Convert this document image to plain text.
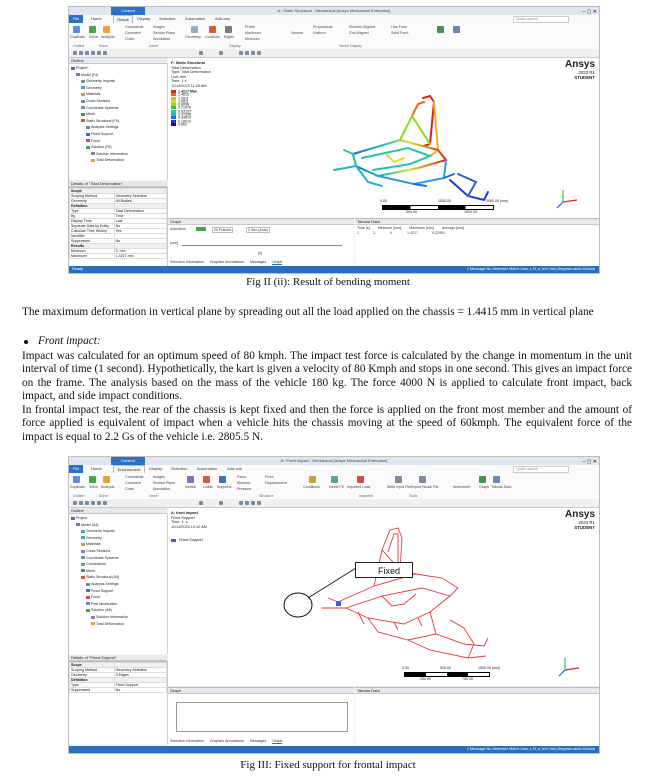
Context	A : Static Structural - Mechanical [Ansys Mechanical Enterprise]	– ▢ ✕
File	Home	Result	Display Selection Automation Add-ons	Quick Launch
Duplicate Solve Analysis
Commands	Images
Comment	Section Plane
Chart	Annotation	Geometry Contours Edges
Probe
Maximum
Minimum
Vectors
Proportional
Uniform
Element Aligned
Grid Aligned
Line Form
Solid Form
Outline	Solve	Insert	Display	Vector Display
Outline
Project*
Model (F4)
Geometry Imports
Geometry
Materials
Cross Sections
Coordinate Systems
Mesh
Static Structural (F5)
Analysis Settings
Fixed Support
Force
Solution (F6)
Solution Information
Total Deformation
Details of "Total Deformation"
Scope	
Scoping Method	Geometry Selection
Geometry	All Bodies
Definition	
Type	Total Deformation
By	Time
Display Time	Last
Separate Data by Entity	No
Calculate Time History	Yes
Identifier	
Suppressed	No
Results	
Minimum	0. mm
Maximum	1.4217 mm
F: Static Structural
Total Deformation
Type: Total Deformation
Unit: mm
Time: 1 s
11/14/2023 11:25 AM
1.4217 Max
1.4615
1.0811
1.0811
0.8096
0.71076
0.63157
0.47396
0.34819
0.18019
0 Min
Ansys
2023 R1
STUDENT
0.00	1000.00	2000.00 (mm)
500.00	1500.00
Graph
Animation	20 Frames	2 Sec (Auto)
[mm]
[s]
Selection Information Graphics Annotations Messages Graph
Tabular Data
Time [s] Minimum [mm] Maximum [mm] Average [mm]
1	1.	0.	1.4217	0.22951
Ready	1 Message No Selection Metric (mm, t, N, s, mV, mA) Degrees rad/s Celsius
Fig II (ii): Result of bending moment

The maximum deformation in vertical plane by spreading out all the load applied on the chassis = 1.4415 mm in vertical plane

Front impact:

Impact was calculated for an optimum speed of 80 kmph. The impact test force is calculated by the change in momentum in the unit interval of time (1 second). Hypothetically, the kart is given a velocity of 80 Kmph and stops in one second. This gives an impact force on the frame. The analysis based on the mass of the vehicle 180 kg. The force 4000 N is applied to calculate front impact, back impact, and side impact conditions.

In frontal impact test, the rear of the chassis is kept fixed and then the force is applied on the front most member and the amount of force applied is equivalent of impact when a vehicle hits the chassis moving at the speed of 60kmph. The equivalent force of the impact is equal to 2.2 Gs of the vehicle i.e. 2805.5 N.

Context	A : Front impact - Mechanical [Ansys Mechanical Enterprise]	– ▢ ✕
File	Home	Environment	Display Selection Automation Add-ons	Quick Launch
Duplicate Solve Analysis
Commands	Images
Comment	Section Plane
Chart	Annotation	Inertial Loads Supports
Force
Moment
Pressure
Fixed
Displacement
Conditions	Direct FE Imported Load	Write Input File Export Nodal File	Worksheet Graph Tabular Data
Outline	Solve	Insert	Structure	Imported	Tools
Outline
Project
Model (A4)
Geometry Imports
Geometry
Materials
Cross Sections
Coordinate Systems
Connections
Mesh
Static Structural (A5)
Analysis Settings
Fixed Support
Force
Post Idealization
Solution (A6)
Solution Information
Total Deformation
Details of "Fixed Support"
Scope	
Scoping Method	Geometry Selection
Geometry	3 Edges
Definition	
Type	Fixed Support
Suppressed	No
A: front impact
Fixed Support
Time: 1. s
11/14/2023 10:12 AM
Fixed Support
Ansys
2023 R1
STUDENT
Fixed
0.00	500.00	1000.00 (mm)
250.00	750.00
Graph
Selection Information Graphics Annotations Messages Graph
Tabular Data
1 Message No Selection Metric (mm, t, N, s, mV, mA) Degrees rad/s Celsius
Fig III: Fixed support for frontal impact
